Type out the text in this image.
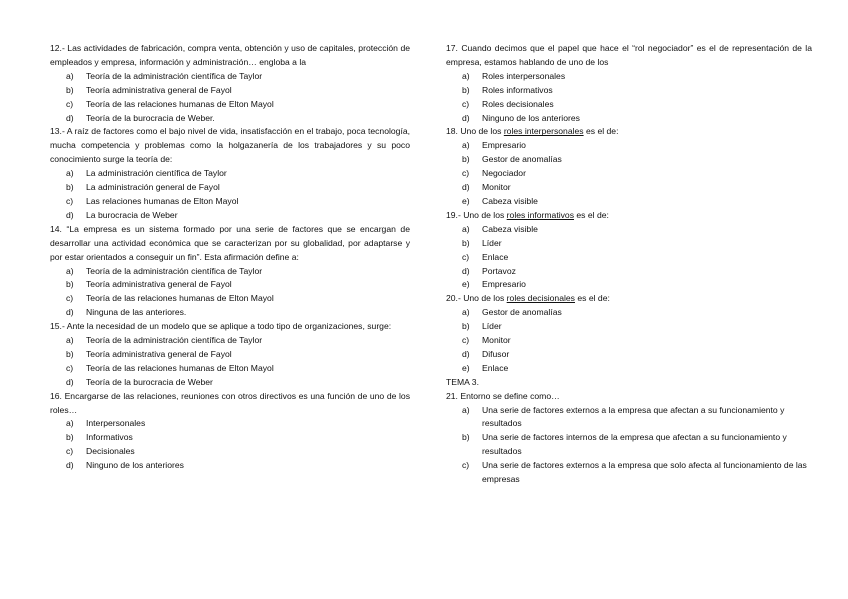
12.- Las actividades de fabricación, compra venta, obtención y uso de capitales, protección de empleados y empresa, información y administración… engloba a la
a)	Teoría de la administración científica de Taylor
b)	Teoría administrativa general de Fayol
c)	Teoría de las relaciones humanas de Elton Mayol
d)	Teoría de la burocracia de Weber.
13.- A raíz de factores como el bajo nivel de vida, insatisfacción en el trabajo, poca tecnología, mucha competencia y problemas como la holgazanería de los trabajadores y su poco conocimiento surge la teoría de:
a)	La administración científica de Taylor
b)	La administración general de Fayol
c)	Las relaciones humanas de Elton Mayol
d)	La burocracia de Weber
14. “La empresa es un sistema formado por una serie de factores que se encargan de desarrollar una actividad económica que se caracterizan por su globalidad, por adaptarse y por estar orientados a conseguir un fin”. Esta afirmación define a:
a)	Teoría de la administración científica de Taylor
b)	Teoría administrativa general de Fayol
c)	Teoría de las relaciones humanas de Elton Mayol
d)	Ninguna de las anteriores.
15.- Ante la necesidad de un modelo que se aplique a todo tipo de organizaciones, surge:
a)	Teoría de la administración científica de Taylor
b)	Teoría administrativa general de Fayol
c)	Teoría de las relaciones humanas de Elton Mayol
d)	Teoría de la burocracia de Weber
16. Encargarse de las relaciones, reuniones con otros directivos es una función de uno de los roles…
a)	Interpersonales
b)	Informativos
c)	Decisionales
d)	Ninguno de los anteriores
17. Cuando decimos que el papel que hace el “rol negociador” es el de representación de la empresa, estamos hablando de uno de los
a)	Roles interpersonales
b)	Roles informativos
c)	Roles decisionales
d)	Ninguno de los anteriores
18. Uno de los roles interpersonales es el de:
a)	Empresario
b)	Gestor de anomalías
c)	Negociador
d)	Monitor
e)	Cabeza visible
19.- Uno de los roles informativos es el de:
a)	Cabeza visible
b)	Líder
c)	Enlace
d)	Portavoz
e)	Empresario
20.- Uno de los roles decisionales es el de:
a)	Gestor de anomalías
b)	Líder
c)	Monitor
d)	Difusor
e)	Enlace
TEMA 3.
21. Entorno se define como…
a)	Una serie de factores externos a la empresa que afectan a su funcionamiento y resultados
b)	Una serie de factores internos de la empresa que afectan a su funcionamiento y resultados
c)	Una serie de factores externos a la empresa que solo afecta al funcionamiento de las empresas
